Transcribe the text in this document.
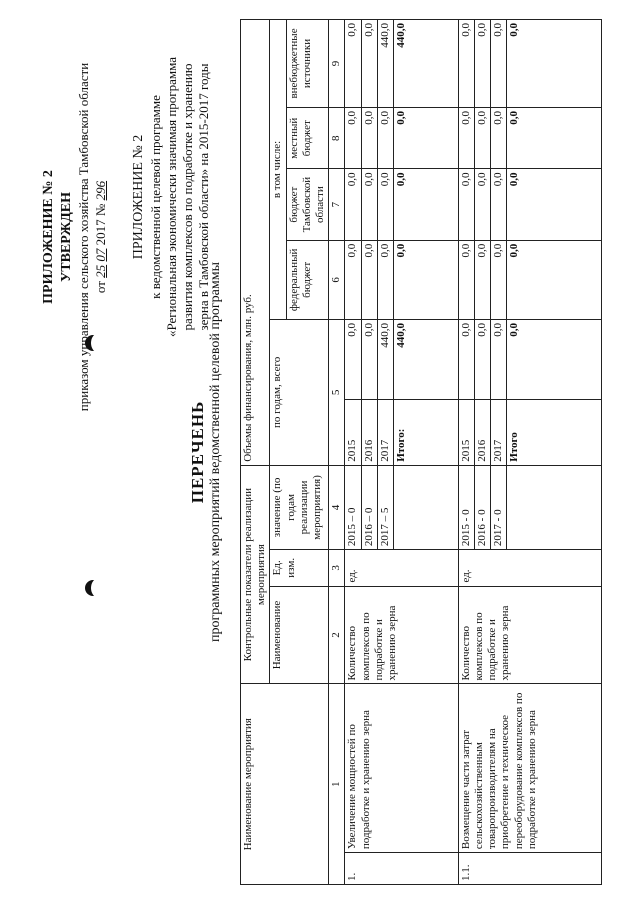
ПРИЛОЖЕНИЕ № 2 УТВЕРЖДЕН приказом управления сельского хозяйства Тамбовской области от 25 07 2017 № 296 ПРИЛОЖЕНИЕ № 2 к ведомственной целевой программе «Региональная экономически значимая программа развития комплексов по подработке и хранению зерна в Тамбовской области» на 2015-2017 годы
ПЕРЕЧЕНЬ программных мероприятий ведомственной целевой программы
Наименование мероприятия		Контрольные показатели реализации мероприятия			Объемы финансирования, млн. руб.					
		Наименование	Ед. изм.	значение (по годам реализации мероприятия)	по годам, всего		в том числе:			
							федеральный бюджет	бюджет Тамбовской области	местный бюджет	внебюджетные источники
1		2	3	4	5		6	7	8	9
1.	Увеличение мощностей по подработке и хранению зерна	Количество комплексов по подработке и хранению зерна	ед.	2015 – 0	2015	0,0	0,0	0,0	0,0	0,0
				2016 – 0	2016	0,0	0,0	0,0	0,0	0,0
				2017 – 5	2017	440,0	0,0	0,0	0,0	440,0
					Итого:	440,0	0,0	0,0	0,0	440,0
1.1.	Возмещение части затрат сельскохозяйственным товаропроизводителям на приобретение и техническое переоборудование комплексов по подработке и хранению зерна	Количество комплексов по подработке и хранению зерна	ед.	2015 - 0	2015	0,0	0,0	0,0	0,0	0,0
				2016 - 0	2016	0,0	0,0	0,0	0,0	0,0
				2017 - 0	2017	0,0	0,0	0,0	0,0	0,0
					Итого	0,0	0,0	0,0	0,0	0,0
